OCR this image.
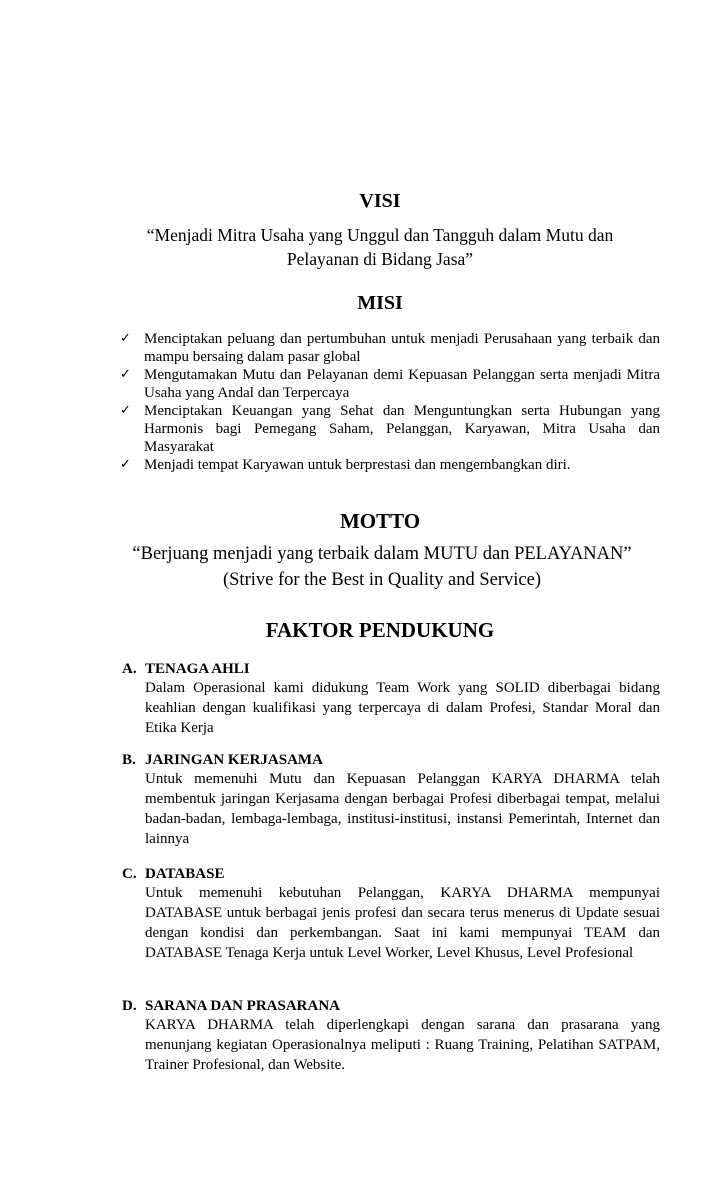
VISI
“Menjadi Mitra Usaha yang Unggul dan Tangguh dalam Mutu dan
Pelayanan di Bidang Jasa”
MISI
✓ Menciptakan peluang dan pertumbuhan untuk menjadi Perusahaan yang terbaik dan mampu bersaing dalam pasar global
✓ Mengutamakan Mutu dan Pelayanan demi Kepuasan Pelanggan serta menjadi Mitra Usaha yang Andal dan Terpercaya
✓ Menciptakan Keuangan yang Sehat dan Menguntungkan serta Hubungan yang Harmonis bagi Pemegang Saham, Pelanggan, Karyawan, Mitra Usaha dan Masyarakat
✓ Menjadi tempat Karyawan untuk berprestasi dan mengembangkan diri.
MOTTO
“Berjuang menjadi yang terbaik dalam MUTU dan PELAYANAN”
(Strive for the Best in Quality and Service)
FAKTOR PENDUKUNG
A. TENAGA AHLI
Dalam Operasional kami didukung Team Work yang SOLID diberbagai bidang keahlian dengan kualifikasi yang terpercaya di dalam Profesi, Standar Moral dan Etika Kerja
B. JARINGAN KERJASAMA
Untuk memenuhi Mutu dan Kepuasan Pelanggan KARYA DHARMA telah membentuk jaringan Kerjasama dengan berbagai Profesi diberbagai tempat, melalui badan-badan, lembaga-lembaga, institusi-institusi, instansi Pemerintah, Internet dan lainnya
C. DATABASE
Untuk memenuhi kebutuhan Pelanggan, KARYA DHARMA mempunyai DATABASE untuk berbagai jenis profesi dan secara terus menerus di Update sesuai dengan kondisi dan perkembangan. Saat ini kami mempunyai TEAM dan DATABASE Tenaga Kerja untuk Level Worker, Level Khusus, Level Profesional
D. SARANA DAN PRASARANA
KARYA DHARMA telah diperlengkapi dengan sarana dan prasarana yang menunjang kegiatan Operasionalnya meliputi : Ruang Training, Pelatihan SATPAM, Trainer Profesional, dan Website.
